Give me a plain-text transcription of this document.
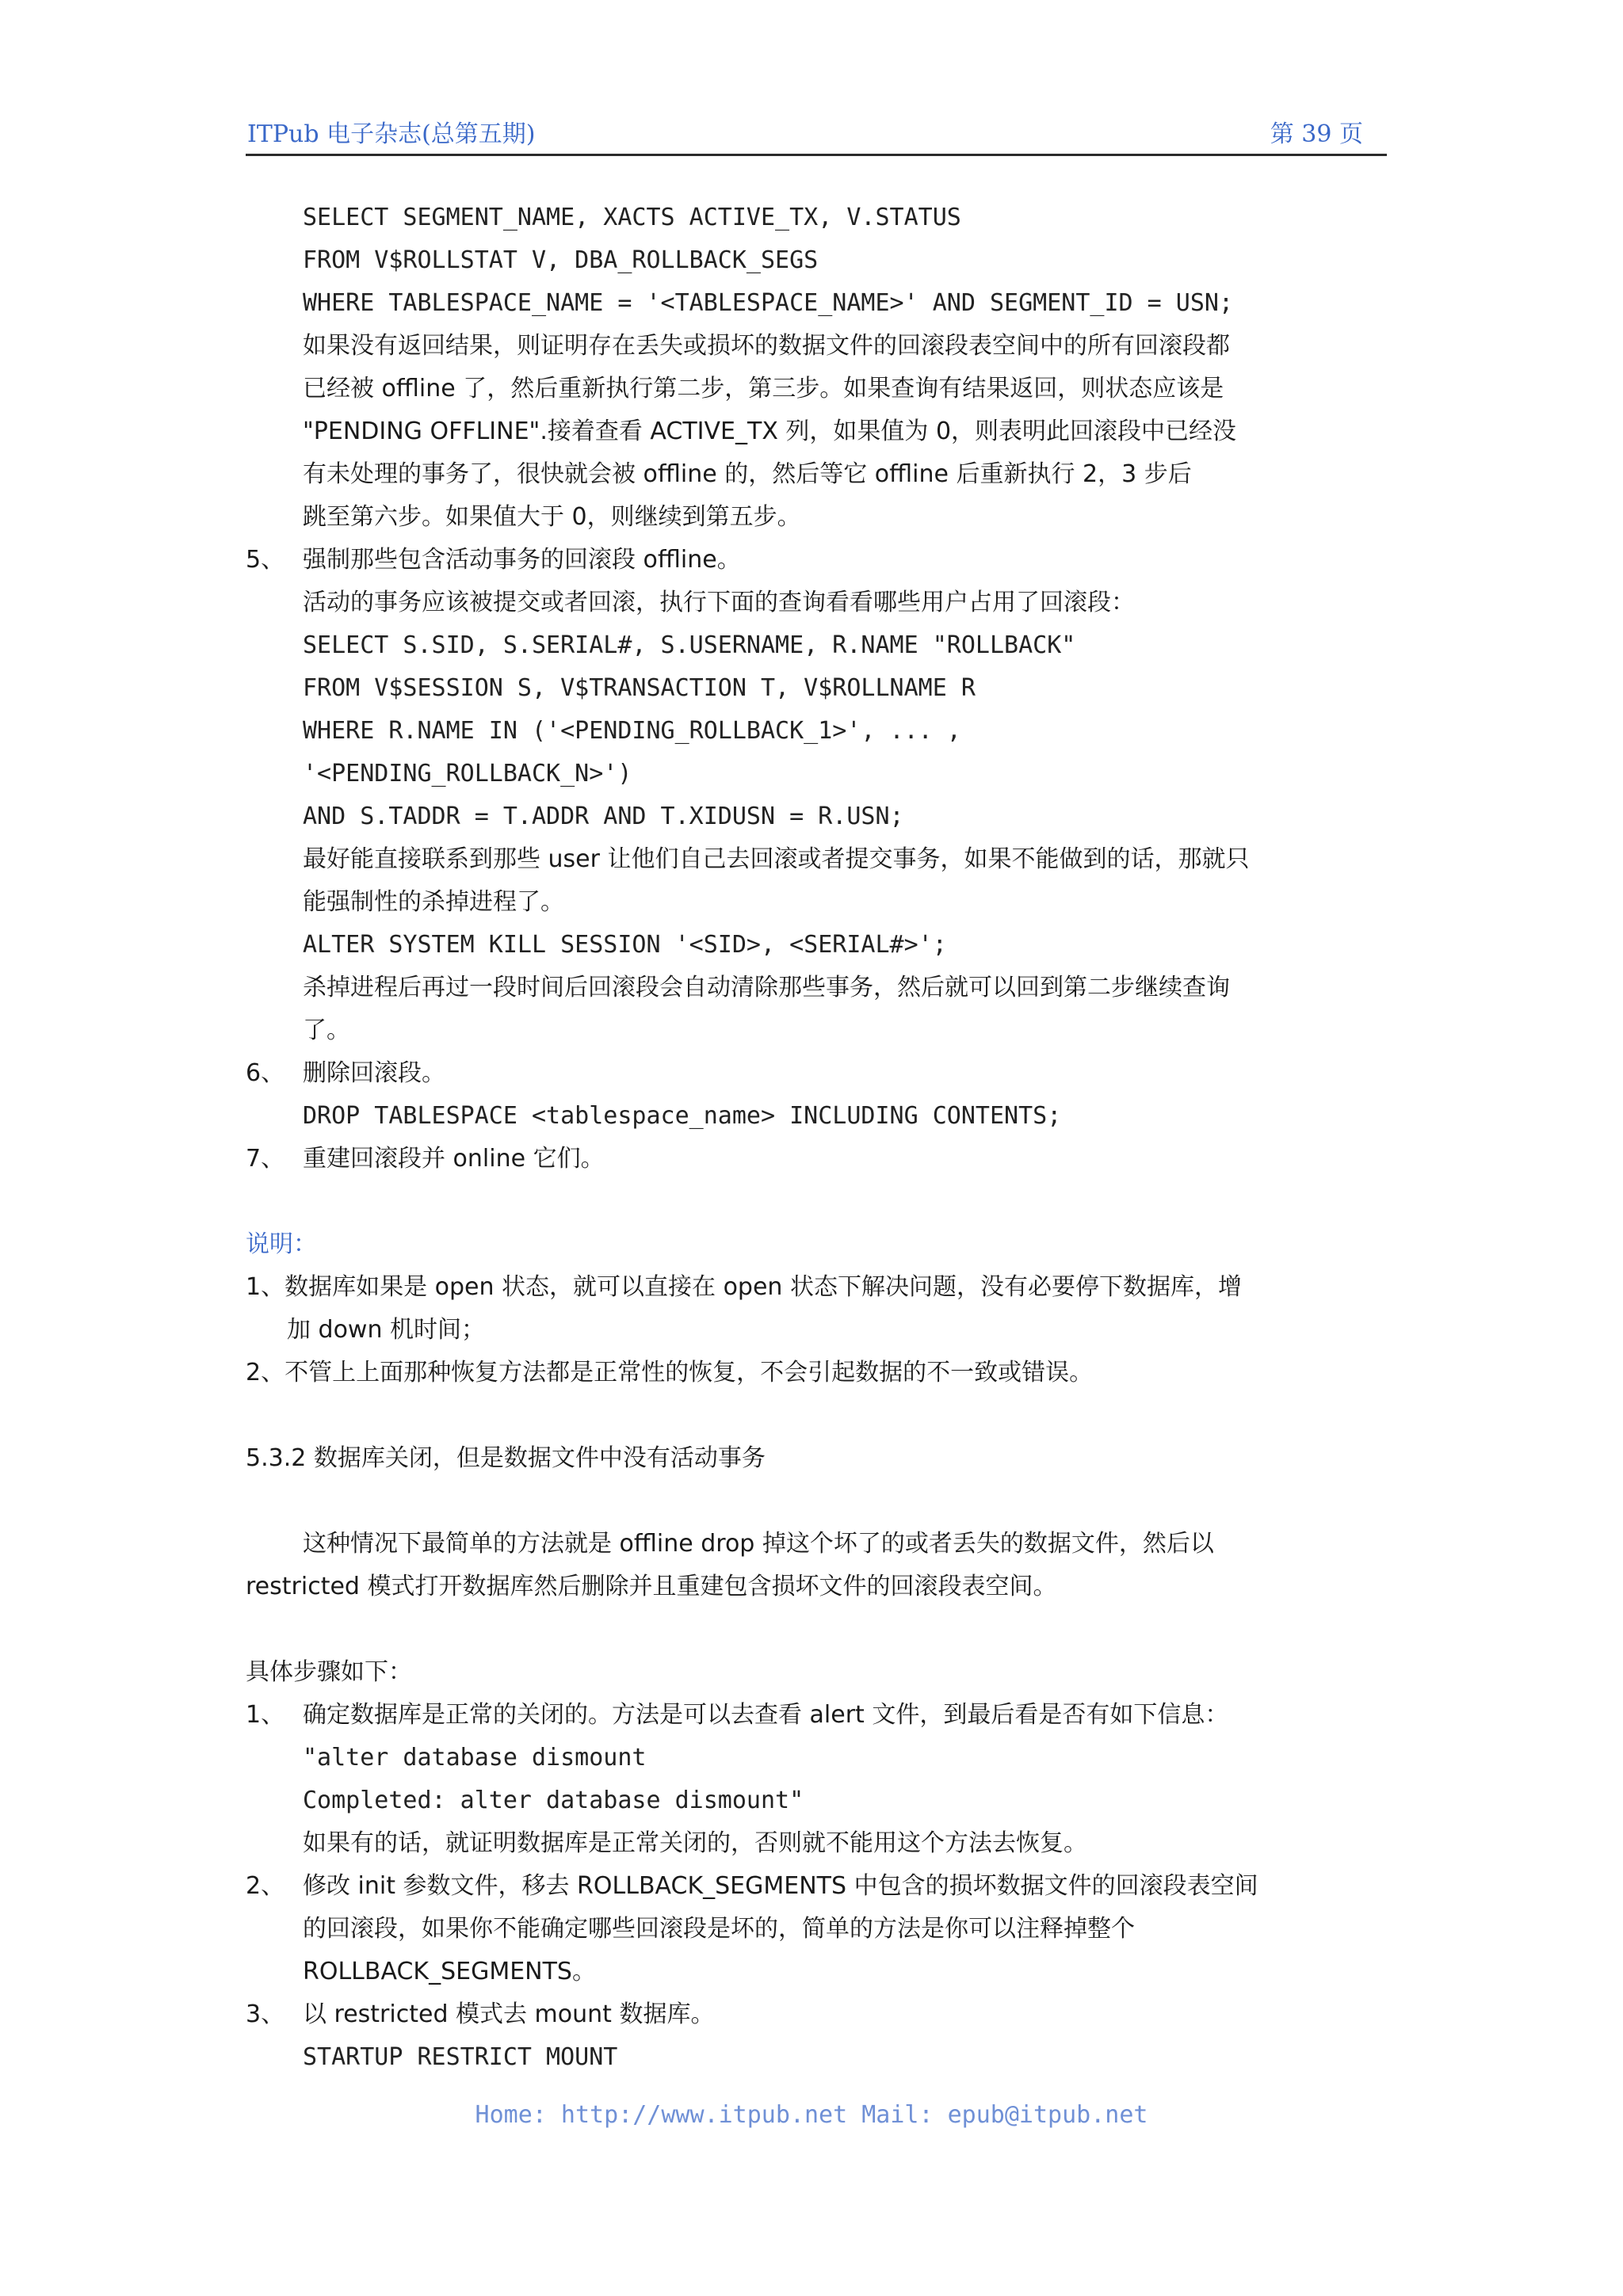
ITPub 电子杂志(总第五期)	第 39 页
SELECT SEGMENT_NAME, XACTS ACTIVE_TX, V.STATUS
FROM V$ROLLSTAT V, DBA_ROLLBACK_SEGS
WHERE TABLESPACE_NAME = '<TABLESPACE_NAME>' AND SEGMENT_ID = USN;
如果没有返回结果，则证明存在丢失或损坏的数据文件的回滚段表空间中的所有回滚段都
已经被 offline 了，然后重新执行第二步，第三步。如果查询有结果返回，则状态应该是
"PENDING OFFLINE".接着查看 ACTIVE_TX 列，如果值为 0，则表明此回滚段中已经没
有未处理的事务了，很快就会被 offline 的，然后等它 offline 后重新执行 2，3 步后
跳至第六步。如果值大于 0，则继续到第五步。
5、 强制那些包含活动事务的回滚段 offline。
活动的事务应该被提交或者回滚，执行下面的查询看看哪些用户占用了回滚段：
SELECT S.SID, S.SERIAL#, S.USERNAME, R.NAME "ROLLBACK"
FROM V$SESSION S, V$TRANSACTION T, V$ROLLNAME R
WHERE R.NAME IN ('<PENDING_ROLLBACK_1>', ... ,
'<PENDING_ROLLBACK_N>')
AND S.TADDR = T.ADDR AND T.XIDUSN = R.USN;
最好能直接联系到那些 user 让他们自己去回滚或者提交事务，如果不能做到的话，那就只
能强制性的杀掉进程了。
ALTER SYSTEM KILL SESSION '<SID>, <SERIAL#>';
杀掉进程后再过一段时间后回滚段会自动清除那些事务，然后就可以回到第二步继续查询
了。
6、 删除回滚段。
DROP TABLESPACE <tablespace_name> INCLUDING CONTENTS;
7、 重建回滚段并 online 它们。
说明：
1、数据库如果是 open 状态，就可以直接在 open 状态下解决问题，没有必要停下数据库，增
加 down 机时间；
2、不管上上面那种恢复方法都是正常性的恢复，不会引起数据的不一致或错误。
5.3.2 数据库关闭，但是数据文件中没有活动事务
这种情况下最简单的方法就是 offline drop 掉这个坏了的或者丢失的数据文件，然后以
restricted 模式打开数据库然后删除并且重建包含损坏文件的回滚段表空间。
具体步骤如下：
1、 确定数据库是正常的关闭的。方法是可以去查看 alert 文件，到最后看是否有如下信息：
"alter database dismount
Completed: alter database dismount"
如果有的话，就证明数据库是正常关闭的，否则就不能用这个方法去恢复。
2、 修改 init 参数文件，移去 ROLLBACK_SEGMENTS 中包含的损坏数据文件的回滚段表空间
的回滚段，如果你不能确定哪些回滚段是坏的，简单的方法是你可以注释掉整个
ROLLBACK_SEGMENTS。
3、 以 restricted 模式去 mount 数据库。
STARTUP RESTRICT MOUNT
Home: http://www.itpub.net Mail: epub@itpub.net
